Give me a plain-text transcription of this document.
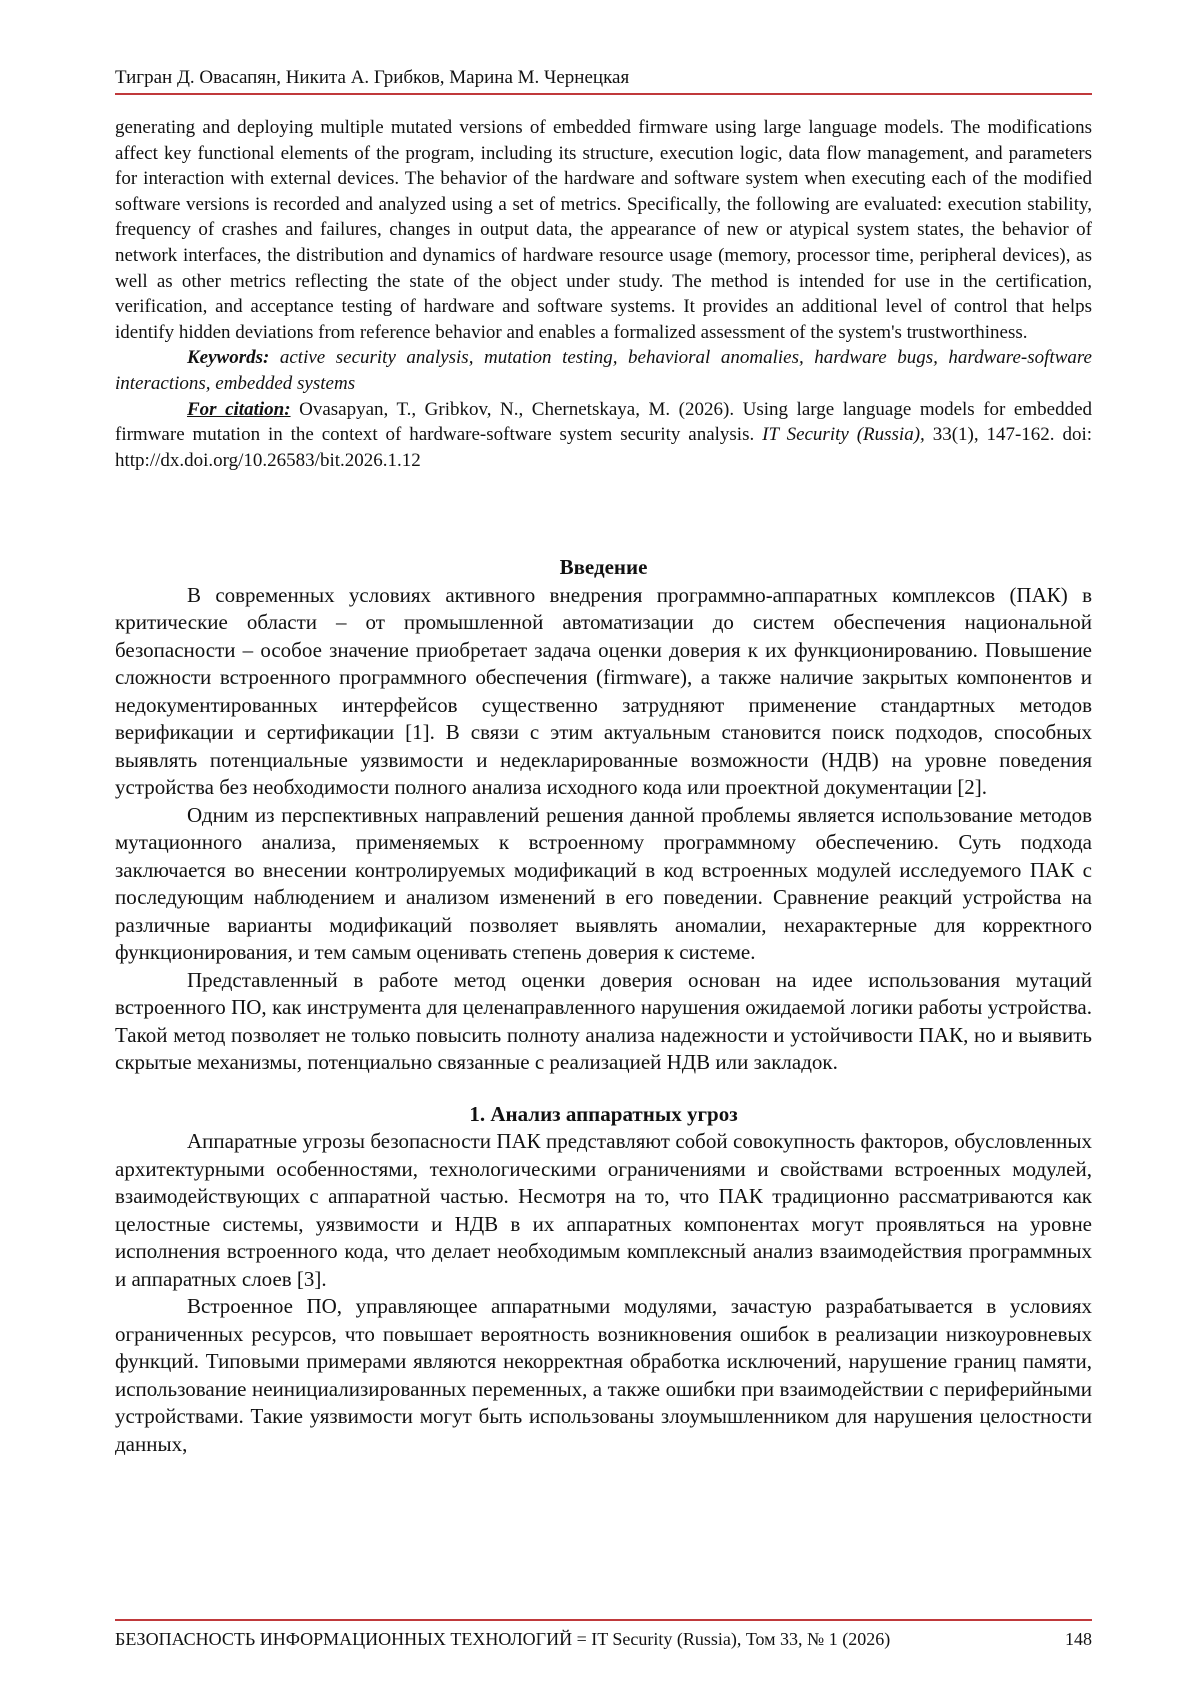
Тигран Д. Овасапян, Никита А. Грибков, Марина М. Чернецкая

generating and deploying multiple mutated versions of embedded firmware using large language models. The modifications affect key functional elements of the program, including its structure, execution logic, data flow management, and parameters for interaction with external devices. The behavior of the hardware and software system when executing each of the modified software versions is recorded and analyzed using a set of metrics. Specifically, the following are evaluated: execution stability, frequency of crashes and failures, changes in output data, the appearance of new or atypical system states, the behavior of network interfaces, the distribution and dynamics of hardware resource usage (memory, processor time, peripheral devices), as well as other metrics reflecting the state of the object under study. The method is intended for use in the certification, verification, and acceptance testing of hardware and software systems. It provides an additional level of control that helps identify hidden deviations from reference behavior and enables a formalized assessment of the system's trustworthiness.

Keywords: active security analysis, mutation testing, behavioral anomalies, hardware bugs, hardware-software interactions, embedded systems

For citation: Ovasapyan, T., Gribkov, N., Chernetskaya, M. (2026). Using large language models for embedded firmware mutation in the context of hardware-software system security analysis. IT Security (Russia), 33(1), 147-162. doi: http://dx.doi.org/10.26583/bit.2026.1.12

Введение

В современных условиях активного внедрения программно-аппаратных комплексов (ПАК) в критические области – от промышленной автоматизации до систем обеспечения национальной безопасности – особое значение приобретает задача оценки доверия к их функционированию. Повышение сложности встроенного программного обеспечения (firmware), а также наличие закрытых компонентов и недокументированных интерфейсов существенно затрудняют применение стандартных методов верификации и сертификации [1]. В связи с этим актуальным становится поиск подходов, способных выявлять потенциальные уязвимости и недекларированные возможности (НДВ) на уровне поведения устройства без необходимости полного анализа исходного кода или проектной документации [2].

Одним из перспективных направлений решения данной проблемы является использование методов мутационного анализа, применяемых к встроенному программному обеспечению. Суть подхода заключается во внесении контролируемых модификаций в код встроенных модулей исследуемого ПАК с последующим наблюдением и анализом изменений в его поведении. Сравнение реакций устройства на различные варианты модификаций позволяет выявлять аномалии, нехарактерные для корректного функционирования, и тем самым оценивать степень доверия к системе.

Представленный в работе метод оценки доверия основан на идее использования мутаций встроенного ПО, как инструмента для целенаправленного нарушения ожидаемой логики работы устройства. Такой метод позволяет не только повысить полноту анализа надежности и устойчивости ПАК, но и выявить скрытые механизмы, потенциально связанные с реализацией НДВ или закладок.

1. Анализ аппаратных угроз

Аппаратные угрозы безопасности ПАК представляют собой совокупность факторов, обусловленных архитектурными особенностями, технологическими ограничениями и свойствами встроенных модулей, взаимодействующих с аппаратной частью. Несмотря на то, что ПАК традиционно рассматриваются как целостные системы, уязвимости и НДВ в их аппаратных компонентах могут проявляться на уровне исполнения встроенного кода, что делает необходимым комплексный анализ взаимодействия программных и аппаратных слоев [3].

Встроенное ПО, управляющее аппаратными модулями, зачастую разрабатывается в условиях ограниченных ресурсов, что повышает вероятность возникновения ошибок в реализации низкоуровневых функций. Типовыми примерами являются некорректная обработка исключений, нарушение границ памяти, использование неинициализированных переменных, а также ошибки при взаимодействии с периферийными устройствами. Такие уязвимости могут быть использованы злоумышленником для нарушения целостности данных,

БЕЗОПАСНОСТЬ ИНФОРМАЦИОННЫХ ТЕХНОЛОГИЙ = IT Security (Russia), Том 33, № 1 (2026)	148
